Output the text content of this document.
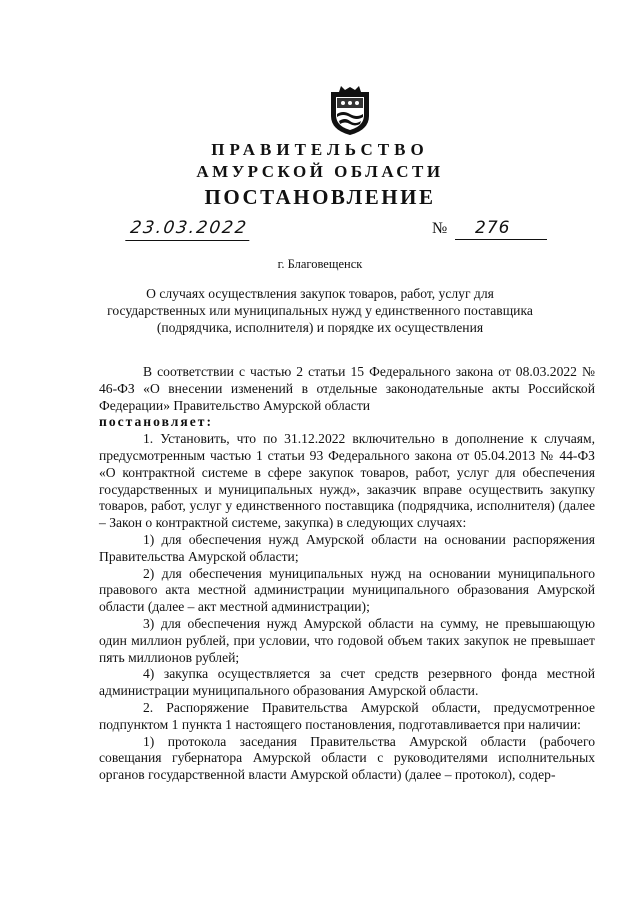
ПРАВИТЕЛЬСТВО
АМУРСКОЙ ОБЛАСТИ
ПОСТАНОВЛЕНИЕ
23.03.2022	№	276
г. Благовещенск
О случаях осуществления закупок товаров, работ, услуг для государственных или муниципальных нужд у единственного поставщика (подрядчика, исполнителя) и порядке их осуществления

В соответствии с частью 2 статьи 15 Федерального закона от 08.03.2022 № 46-ФЗ «О внесении изменений в отдельные законодательные акты Российской Федерации» Правительство Амурской области

постановляет:

1. Установить, что по 31.12.2022 включительно в дополнение к случаям, предусмотренным частью 1 статьи 93 Федерального закона от 05.04.2013 № 44-ФЗ «О контрактной системе в сфере закупок товаров, работ, услуг для обеспечения государственных и муниципальных нужд», заказчик вправе осуществить закупку товаров, работ, услуг у единственного поставщика (подрядчика, исполнителя) (далее – Закон о контрактной системе, закупка) в следующих случаях:

1) для обеспечения нужд Амурской области на основании распоряжения Правительства Амурской области;

2) для обеспечения муниципальных нужд на основании муниципального правового акта местной администрации муниципального образования Амурской области (далее – акт местной администрации);

3) для обеспечения нужд Амурской области на сумму, не превышающую один миллион рублей, при условии, что годовой объем таких закупок не превышает пять миллионов рублей;

4) закупка осуществляется за счет средств резервного фонда местной администрации муниципального образования Амурской области.

2. Распоряжение Правительства Амурской области, предусмотренное подпунктом 1 пункта 1 настоящего постановления, подготавливается при наличии:

1) протокола заседания Правительства Амурской области (рабочего совещания губернатора Амурской области с руководителями исполнительных органов государственной власти Амурской области) (далее – протокол), содер-
